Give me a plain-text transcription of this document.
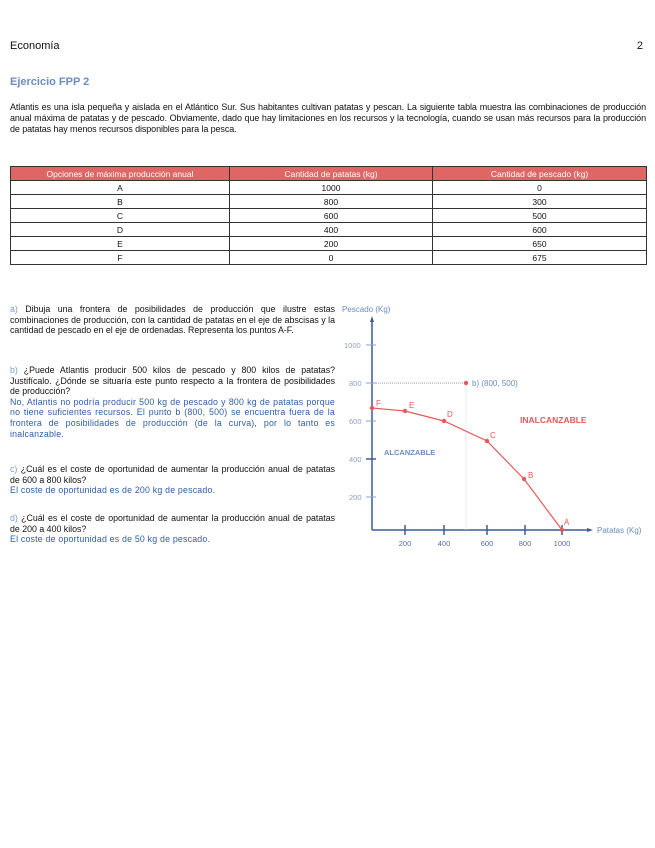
Economía	2
Ejercicio FPP 2
Atlantis es una isla pequeña y aislada en el Atlántico Sur. Sus habitantes cultivan patatas y pescan. La siguiente tabla muestra las combinaciones de producción anual máxima de patatas y de pescado. Obviamente, dado que hay limitaciones en los recursos y la tecnología, cuando se usan más recursos para la producción de patatas hay menos recursos disponibles para la pesca.
Opciones de máxima producción anual	Cantidad de patatas (kg)	Cantidad de pescado (kg)
A	1000	0
B	800	300
C	600	500
D	400	600
E	200	650
F	0	675
a) Dibuja una frontera de posibilidades de producción que ilustre estas combinaciones de producción, con la cantidad de patatas en el eje de abscisas y la cantidad de pescado en el eje de ordenadas. Representa los puntos A-F.
b) ¿Puede Atlantis producir 500 kilos de pescado y 800 kilos de patatas? Justifícalo. ¿Dónde se situaría este punto respecto a la frontera de posibilidades de producción?
No, Atlantis no podría producir 500 kg de pescado y 800 kg de patatas porque no tiene suficientes recursos. El punto b (800, 500) se encuentra fuera de la frontera de posibilidades de producción (de la curva), por lo tanto es inalcanzable.
c) ¿Cuál es el coste de oportunidad de aumentar la producción anual de patatas de 600 a 800 kilos?
El coste de oportunidad es de 200 kg de pescado.
d) ¿Cuál es el coste de oportunidad de aumentar la producción anual de patatas de 200 a 400 kilos?
El coste de oportunidad es de 50 kg de pescado.
Pescado (Kg)
Patatas (Kg)
1000
800
600
400
200
200	400	600	800	1000
b) (800, 500)
F	E
D
C
B
A
INALCANZABLE
ALCANZABLE
